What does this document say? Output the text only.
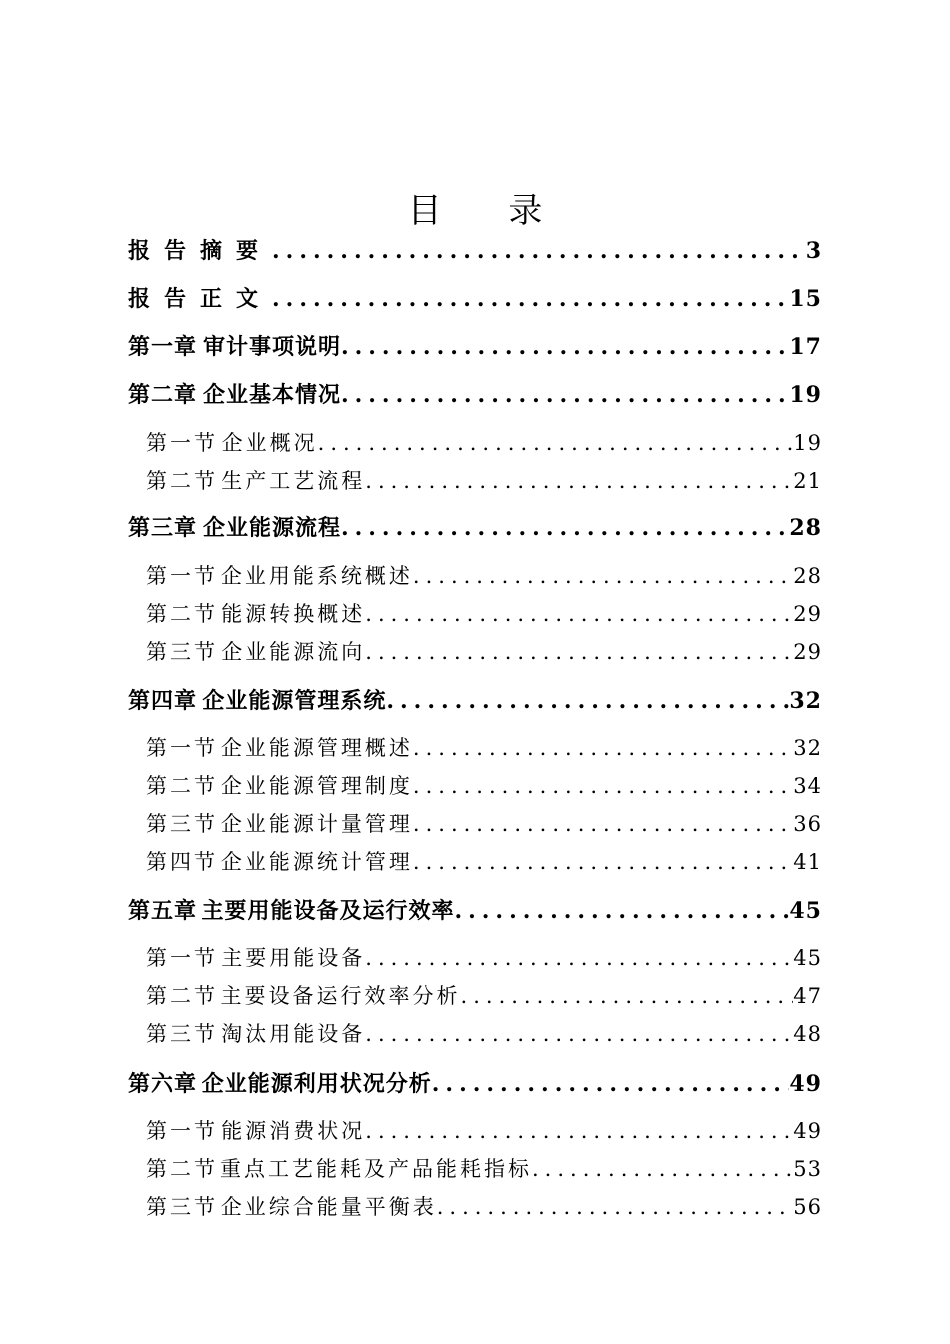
目 录
报告摘要 .....	3
报告正文 .....	15
第一章 审计事项说明 .....	17
第二章 企业基本情况 .....	19
第一节 企业概况 .....	19
第二节 生产工艺流程 .....	21
第三章 企业能源流程 .....	28
第一节 企业用能系统概述 .....	28
第二节 能源转换概述 .....	29
第三节 企业能源流向 .....	29
第四章 企业能源管理系统 .....	32
第一节 企业能源管理概述 .....	32
第二节 企业能源管理制度 .....	34
第三节 企业能源计量管理 .....	36
第四节 企业能源统计管理 .....	41
第五章 主要用能设备及运行效率 .....	45
第一节 主要用能设备 .....	45
第二节 主要设备运行效率分析 .....	47
第三节 淘汰用能设备 .....	48
第六章 企业能源利用状况分析 .....	49
第一节 能源消费状况 .....	49
第二节 重点工艺能耗及产品能耗指标 .....	53
第三节 企业综合能量平衡表 .....	56
